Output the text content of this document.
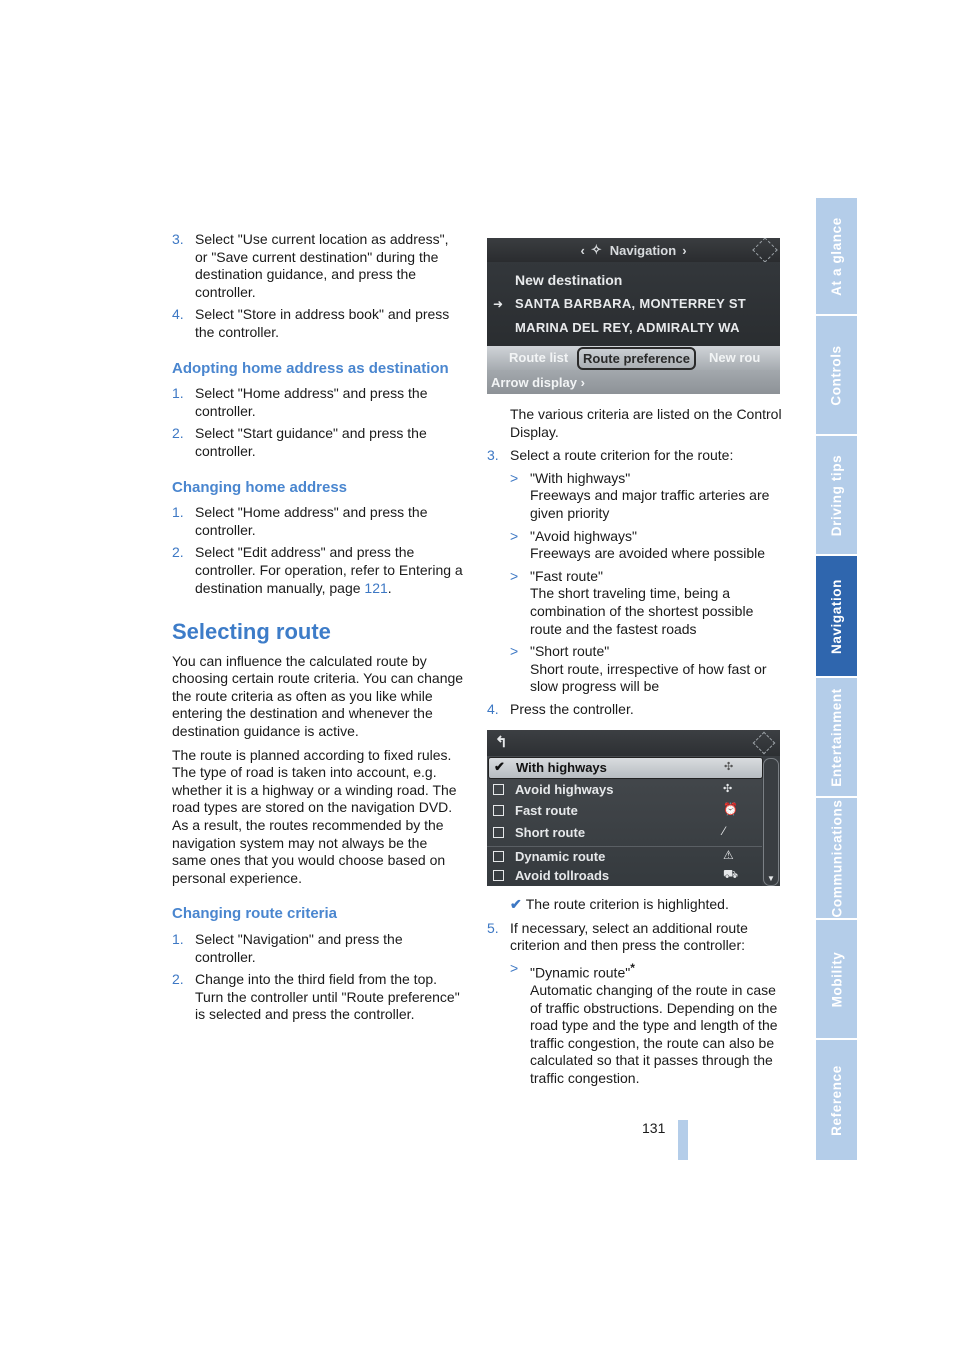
3. Select "Use current location as address", or "Save current destination" during the destination guidance, and press the controller.
4. Select "Store in address book" and press the controller.
Adopting home address as destination
1. Select "Home address" and press the controller.
2. Select "Start guidance" and press the controller.
Changing home address
1. Select "Home address" and press the controller.
2. Select "Edit address" and press the controller. For operation, refer to Entering a destination manually, page 121.
Selecting route

You can influence the calculated route by choosing certain route criteria. You can change the route criteria as often as you like while entering the destination and whenever the destination guidance is active.

The route is planned according to fixed rules. The type of road is taken into account, e.g. whether it is a highway or a winding road. The road types are stored on the navigation DVD. As a result, the routes recommended by the navigation system may not always be the same ones that you would choose based on personal experience.

Changing route criteria
1. Select "Navigation" and press the controller.
2. Change into the third field from the top. Turn the controller until "Route preference" is selected and press the controller.
‹ ✧ Navigation ›
New destination
➜ SANTA BARBARA, MONTERREY ST
MARINA DEL REY, ADMIRALTY WA
Route list	Route preference	New rou
Arrow display ›

The various criteria are listed on the Control Display.

3. Select a route criterion for the route:
> "With highways"
Freeways and major traffic arteries are given priority
> "Avoid highways"
Freeways are avoided where possible
> "Fast route"
The short traveling time, being a combination of the shortest possible route and the fastest roads
> "Short route"
Short route, irrespective of how fast or slow progress will be
4. Press the controller.
↰
✔ With highways	✣
Avoid highways	✣
Fast route	⏰
Short route	⁄
Dynamic route	⚠
Avoid tollroads	⛟	▼

✔ The route criterion is highlighted.

5. If necessary, select an additional route criterion and then press the controller:
> "Dynamic route"*
Automatic changing of the route in case of traffic obstructions. Depending on the road type and the type and length of the traffic congestion, the route can also be calculated so that it passes through the traffic congestion.
131
At a glance
Controls
Driving tips
Navigation
Entertainment
Communications
Mobility
Reference
